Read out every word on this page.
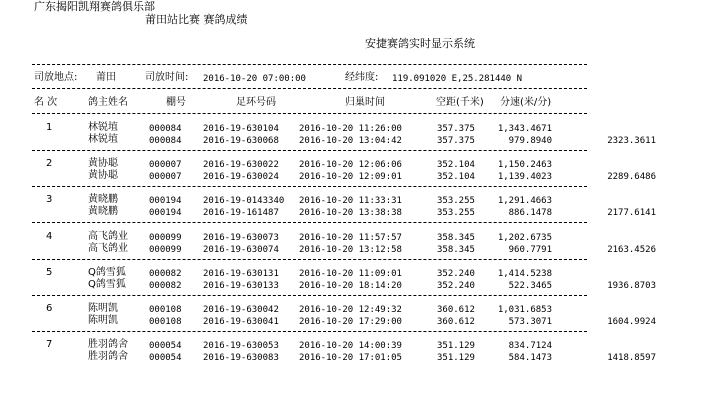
广东揭阳凯翔赛鸽俱乐部
莆田站比赛 赛鸽成绩
安捷赛鸽实时显示系统
司放地点: 莆田	司放时间: 2016-10-20 07:00:00	经纬度: 119.091020 E,25.281440 N
名 次	鸽主姓名	棚号	足环号码	归巢时间	空距(千米) 分速(米/分)
1	林锐埴	000084 2016-19-630104 2016-10-20 11:26:00	357.375	1,343.4671
林锐埴	000084 2016-19-630068 2016-10-20 13:04:42	357.375	979.8940	2323.3611
2	黄协聪	000007 2016-19-630022 2016-10-20 12:06:06	352.104	1,150.2463
黄协聪	000007 2016-19-630024 2016-10-20 12:09:01	352.104	1,139.4023	2289.6486
3	黄晓鹏	000194 2016-19-0143340 2016-10-20 11:33:31	353.255	1,291.4663
黄晓鹏	000194 2016-19-161487 2016-10-20 13:38:38	353.255	886.1478	2177.6141
4	高飞鸽业 000099 2016-19-630073 2016-10-20 11:57:57	358.345	1,202.6735
高飞鸽业 000099 2016-19-630074 2016-10-20 13:12:58	358.345	960.7791	2163.4526
5	Q鸽雪狐	000082 2016-19-630131 2016-10-20 11:09:01	352.240	1,414.5238
Q鸽雪狐	000082 2016-19-630133 2016-10-20 18:14:20	352.240	522.3465	1936.8703
6	陈明凯	000108 2016-19-630042 2016-10-20 12:49:32	360.612	1,031.6853
陈明凯	000108 2016-19-630041 2016-10-20 17:29:00	360.612	573.3071	1604.9924
7	胜羽鸽舍 000054 2016-19-630053 2016-10-20 14:00:39	351.129	834.7124
胜羽鸽舍 000054 2016-19-630083 2016-10-20 17:01:05	351.129	584.1473	1418.8597
